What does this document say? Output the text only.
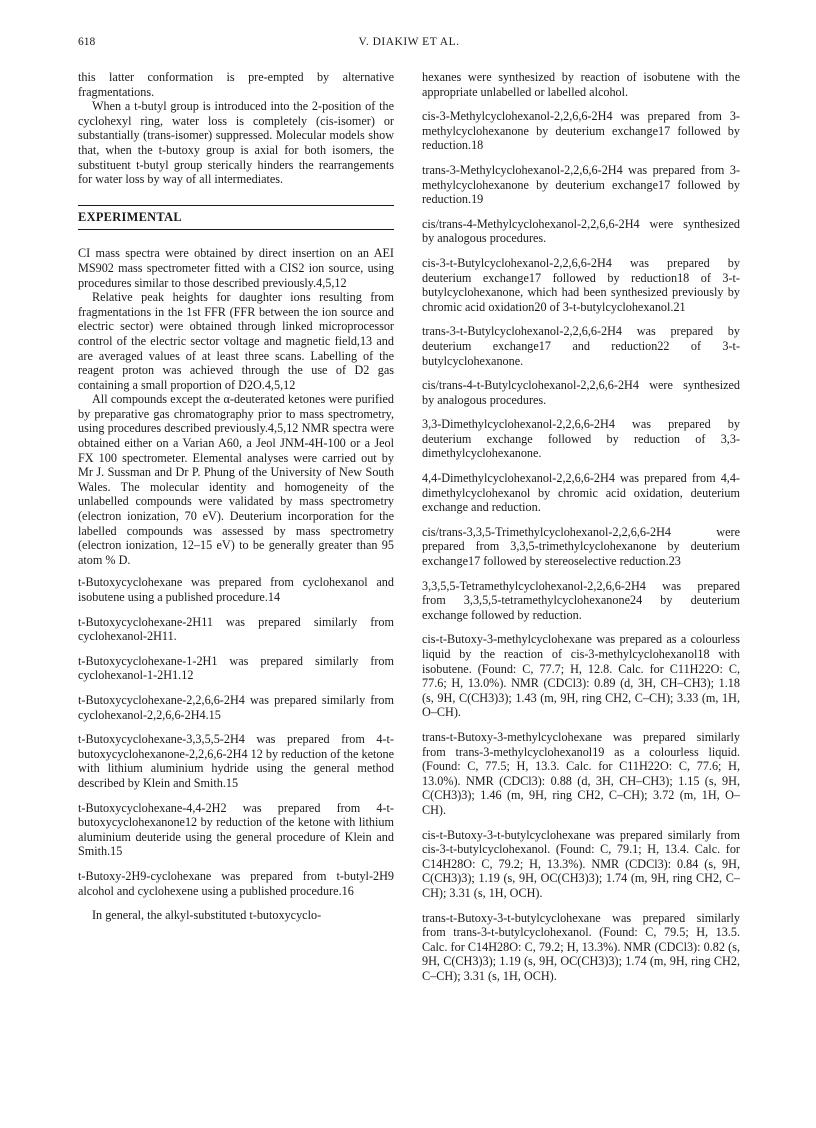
618	V. DIAKIW ET AL.

this latter conformation is pre-empted by alternative fragmentations.

When a t-butyl group is introduced into the 2-position of the cyclohexyl ring, water loss is completely (cis-isomer) or substantially (trans-isomer) suppressed. Molecular models show that, when the t-butoxy group is axial for both isomers, the substituent t-butyl group sterically hinders the rearrangements for water loss by way of all intermediates.

EXPERIMENTAL

CI mass spectra were obtained by direct insertion on an AEI MS902 mass spectrometer fitted with a CIS2 ion source, using procedures similar to those described previously.4,5,12

Relative peak heights for daughter ions resulting from fragmentations in the 1st FFR (FFR between the ion source and electric sector) were obtained through linked microprocessor control of the electric sector voltage and magnetic field,13 and are averaged values of at least three scans. Labelling of the reagent proton was achieved through the use of D2 gas containing a small proportion of D2O.4,5,12

All compounds except the α-deuterated ketones were purified by preparative gas chromatography prior to mass spectrometry, using procedures described previously.4,5,12 NMR spectra were obtained either on a Varian A60, a Jeol JNM-4H-100 or a Jeol FX 100 spectrometer. Elemental analyses were carried out by Mr J. Sussman and Dr P. Phung of the University of New South Wales. The molecular identity and homogeneity of the unlabelled compounds were validated by mass spectrometry (electron ionization, 70 eV). Deuterium incorporation for the labelled compounds was assessed by mass spectrometry (electron ionization, 12–15 eV) to be generally greater than 95 atom % D.

t-Butoxycyclohexane was prepared from cyclohexanol and isobutene using a published procedure.14

t-Butoxycyclohexane-2H11 was prepared similarly from cyclohexanol-2H11.

t-Butoxycyclohexane-1-2H1 was prepared similarly from cyclohexanol-1-2H1.12

t-Butoxycyclohexane-2,2,6,6-2H4 was prepared similarly from cyclohexanol-2,2,6,6-2H4.15

t-Butoxycyclohexane-3,3,5,5-2H4 was prepared from 4-t-butoxycyclohexanone-2,2,6,6-2H4 12 by reduction of the ketone with lithium aluminium hydride using the general method described by Klein and Smith.15

t-Butoxycyclohexane-4,4-2H2 was prepared from 4-t-butoxycyclohexanone12 by reduction of the ketone with lithium aluminium deuteride using the general procedure of Klein and Smith.15

t-Butoxy-2H9-cyclohexane was prepared from t-butyl-2H9 alcohol and cyclohexene using a published procedure.16

In general, the alkyl-substituted t-butoxycyclo-

hexanes were synthesized by reaction of isobutene with the appropriate unlabelled or labelled alcohol.

cis-3-Methylcyclohexanol-2,2,6,6-2H4 was prepared from 3-methylcyclohexanone by deuterium exchange17 followed by reduction.18

trans-3-Methylcyclohexanol-2,2,6,6-2H4 was prepared from 3-methylcyclohexanone by deuterium exchange17 followed by reduction.19

cis/trans-4-Methylcyclohexanol-2,2,6,6-2H4 were synthesized by analogous procedures.

cis-3-t-Butylcyclohexanol-2,2,6,6-2H4 was prepared by deuterium exchange17 followed by reduction18 of 3-t-butylcyclohexanone, which had been synthesized previously by chromic acid oxidation20 of 3-t-butylcyclohexanol.21

trans-3-t-Butylcyclohexanol-2,2,6,6-2H4 was prepared by deuterium exchange17 and reduction22 of 3-t-butylcyclohexanone.

cis/trans-4-t-Butylcyclohexanol-2,2,6,6-2H4 were synthesized by analogous procedures.

3,3-Dimethylcyclohexanol-2,2,6,6-2H4 was prepared by deuterium exchange followed by reduction of 3,3-dimethylcyclohexanone.

4,4-Dimethylcyclohexanol-2,2,6,6-2H4 was prepared from 4,4-dimethylcyclohexanol by chromic acid oxidation, deuterium exchange and reduction.

cis/trans-3,3,5-Trimethylcyclohexanol-2,2,6,6-2H4 were prepared from 3,3,5-trimethylcyclohexanone by deuterium exchange17 followed by stereoselective reduction.23

3,3,5,5-Tetramethylcyclohexanol-2,2,6,6-2H4 was prepared from 3,3,5,5-tetramethylcyclohexanone24 by deuterium exchange followed by reduction.

cis-t-Butoxy-3-methylcyclohexane was prepared as a colourless liquid by the reaction of cis-3-methylcyclohexanol18 with isobutene. (Found: C, 77.7; H, 12.8. Calc. for C11H22O: C, 77.6; H, 13.0%). NMR (CDCl3): 0.89 (d, 3H, CH–CH3); 1.18 (s, 9H, C(CH3)3); 1.43 (m, 9H, ring CH2, C–CH); 3.33 (m, 1H, O–CH).

trans-t-Butoxy-3-methylcyclohexane was prepared similarly from trans-3-methylcyclohexanol19 as a colourless liquid. (Found: C, 77.5; H, 13.3. Calc. for C11H22O: C, 77.6; H, 13.0%). NMR (CDCl3): 0.88 (d, 3H, CH–CH3); 1.15 (s, 9H, C(CH3)3); 1.46 (m, 9H, ring CH2, C–CH); 3.72 (m, 1H, O–CH).

cis-t-Butoxy-3-t-butylcyclohexane was prepared similarly from cis-3-t-butylcyclohexanol. (Found: C, 79.1; H, 13.4. Calc. for C14H28O: C, 79.2; H, 13.3%). NMR (CDCl3): 0.84 (s, 9H, C(CH3)3); 1.19 (s, 9H, OC(CH3)3); 1.74 (m, 9H, ring CH2, C–CH); 3.31 (s, 1H, OCH).

trans-t-Butoxy-3-t-butylcyclohexane was prepared similarly from trans-3-t-butylcyclohexanol. (Found: C, 79.5; H, 13.5. Calc. for C14H28O: C, 79.2; H, 13.3%). NMR (CDCl3): 0.82 (s, 9H, C(CH3)3); 1.19 (s, 9H, OC(CH3)3); 1.74 (m, 9H, ring CH2, C–CH); 3.31 (s, 1H, OCH).
